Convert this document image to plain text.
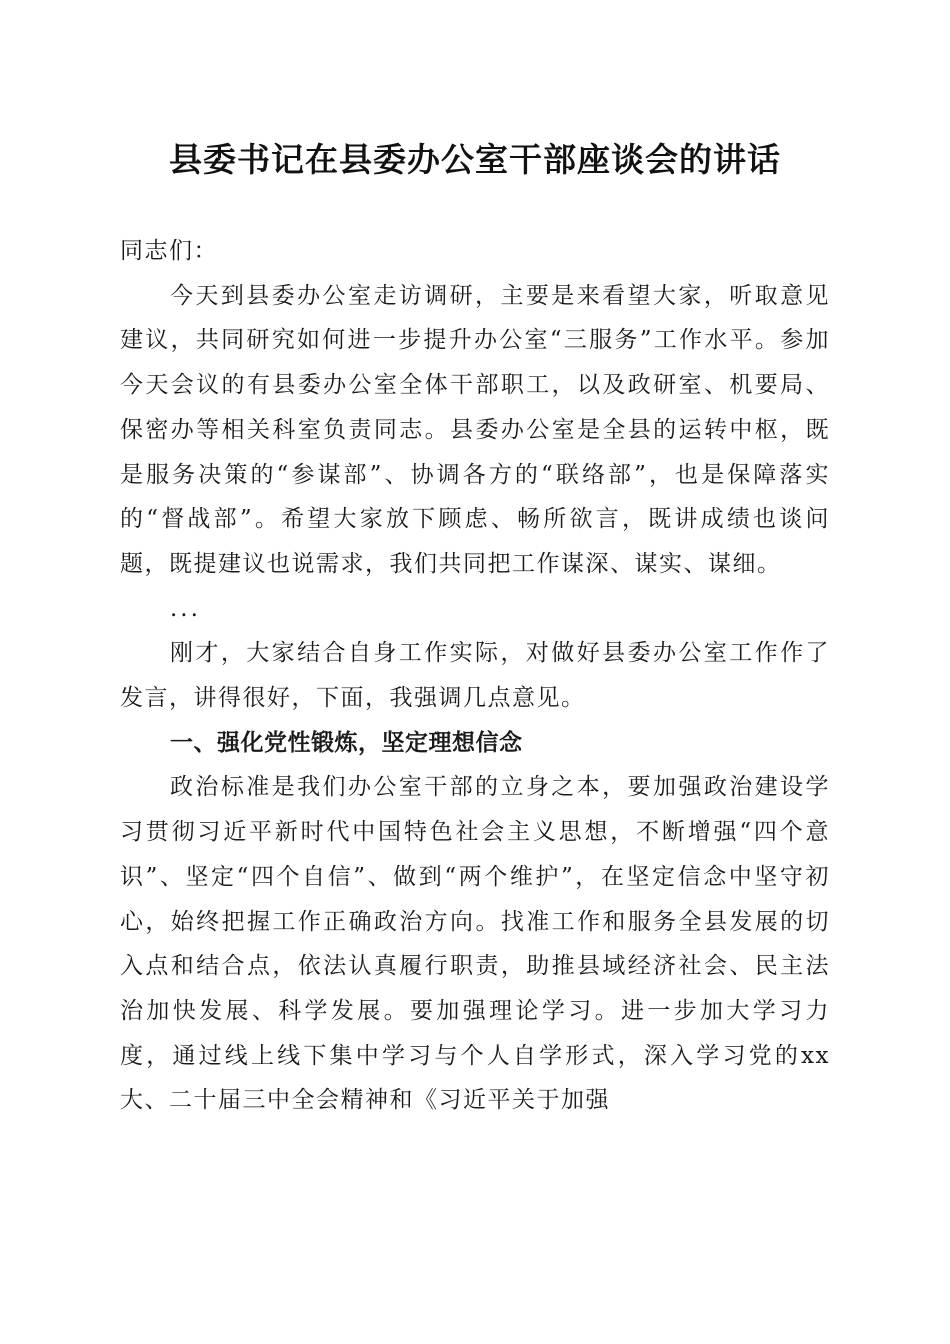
县委书记在县委办公室干部座谈会的讲话

同志们：

今天到县委办公室走访调研，主要是来看望大家，听取意见建议，共同研究如何进一步提升办公室“三服务”工作水平。参加今天会议的有县委办公室全体干部职工，以及政研室、机要局、保密办等相关科室负责同志。县委办公室是全县的运转中枢，既是服务决策的“参谋部”、协调各方的“联络部”，也是保障落实的“督战部”。希望大家放下顾虑、畅所欲言，既讲成绩也谈问题，既提建议也说需求，我们共同把工作谋深、谋实、谋细。

...

刚才，大家结合自身工作实际，对做好县委办公室工作作了发言，讲得很好，下面，我强调几点意见。

一、强化党性锻炼，坚定理想信念

政治标准是我们办公室干部的立身之本，要加强政治建设学习贯彻习近平新时代中国特色社会主义思想，不断增强“四个意识”、坚定“四个自信”、做到“两个维护”，在坚定信念中坚守初心，始终把握工作正确政治方向。找准工作和服务全县发展的切入点和结合点，依法认真履行职责，助推县域经济社会、民主法治加快发展、科学发展。要加强理论学习。进一步加大学习力度，通过线上线下集中学习与个人自学形式，深入学习党的xx大、二十届三中全会精神和《习近平关于加强
